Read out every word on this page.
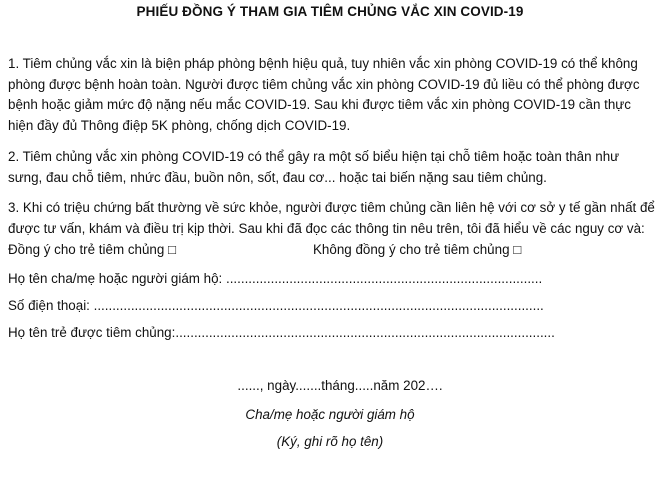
PHIẾU ĐỒNG Ý THAM GIA TIÊM CHỦNG VẮC XIN COVID-19

1. Tiêm chủng vắc xin là biện pháp phòng bệnh hiệu quả, tuy nhiên vắc xin phòng COVID-19 có thể không phòng được bệnh hoàn toàn. Người được tiêm chủng vắc xin phòng COVID-19 đủ liều có thể phòng được bệnh hoặc giảm mức độ nặng nếu mắc COVID-19. Sau khi được tiêm vắc xin phòng COVID-19 cần thực hiện đầy đủ Thông điệp 5K phòng, chống dịch COVID-19.

2. Tiêm chủng vắc xin phòng COVID-19 có thể gây ra một số biểu hiện tại chỗ tiêm hoặc toàn thân như sưng, đau chỗ tiêm, nhức đầu, buồn nôn, sốt, đau cơ... hoặc tai biến nặng sau tiêm chủng.

3. Khi có triệu chứng bất thường về sức khỏe, người được tiêm chủng cần liên hệ với cơ sở y tế gần nhất để được tư vấn, khám và điều trị kịp thời. Sau khi đã đọc các thông tin nêu trên, tôi đã hiểu về các nguy cơ và:

Đồng ý cho trẻ tiêm chủng □	Không đồng ý cho trẻ tiêm chủng □
Họ tên cha/mẹ hoặc người giám hộ: .....................................................................................
Số điện thoại: .........................................................................................................................
Họ tên trẻ được tiêm chủng:......................................................................................................
......, ngày.......tháng.....năm 202….
Cha/mẹ hoặc người giám hộ
(Ký, ghi rõ họ tên)
